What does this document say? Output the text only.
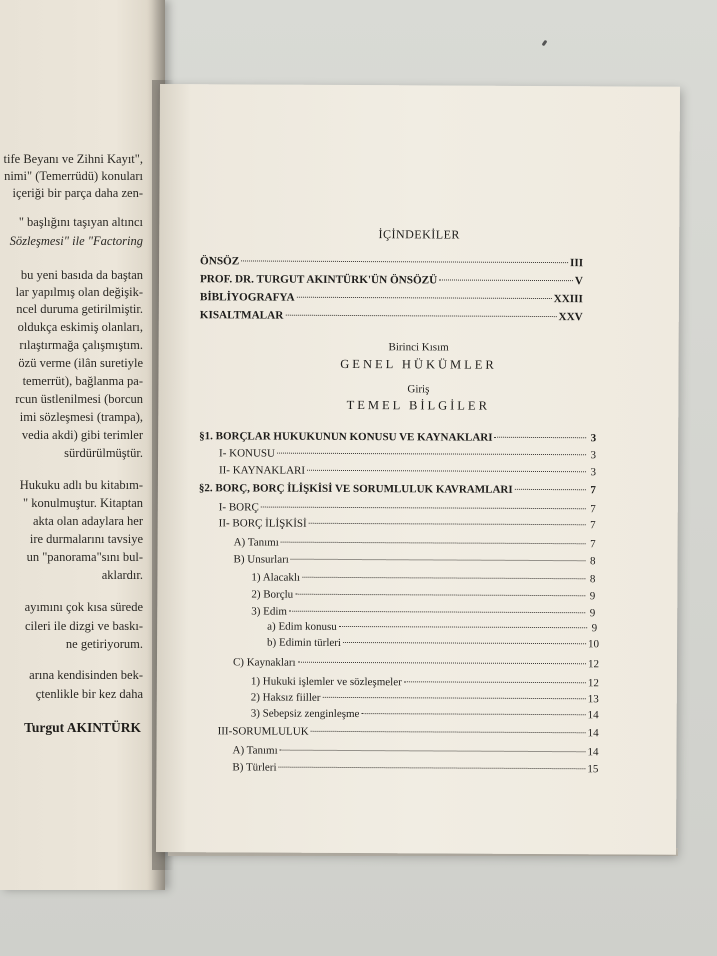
tife Beyanı ve Zihni Kayıt",
nimi" (Temerrüdü) konuları
içeriği bir parça daha zen-
" başlığını taşıyan altıncı
Sözleşmesi" ile "Factoring
bu yeni basıda da baştan
lar yapılmış olan değişik-
ncel duruma getirilmiştir.
oldukça eskimiş olanları,
rılaştırmağa çalışmıştım.
özü verme (ilân suretiyle
temerrüt), bağlanma pa-
rcun üstlenilmesi (borcun
imi sözleşmesi (trampa),
vedia akdi) gibi terimler
sürdürülmüştür.
Hukuku adlı bu kitabım-
" konulmuştur. Kitaptan
akta olan adaylara her
ire durmalarını tavsiye
un "panorama"sını bul-
aklardır.
ayımını çok kısa sürede
cileri ile dizgi ve baskı-
ne getiriyorum.
arına kendisinden bek-
çtenlikle bir kez daha
Turgut AKINTÜRK
İÇİNDEKİLER
ÖNSÖZ	III
PROF. DR. TURGUT AKINTÜRK'ÜN ÖNSÖZÜ	V
BİBLİYOGRAFYA	XXIII
KISALTMALAR	XXV
Birinci Kısım
GENEL HÜKÜMLER
Giriş
TEMEL BİLGİLER
§1. BORÇLAR HUKUKUNUN KONUSU VE KAYNAKLARI	3
I- KONUSU	3
II- KAYNAKLARI	3
§2. BORÇ, BORÇ İLİŞKİSİ VE SORUMLULUK KAVRAMLARI	7
I- BORÇ	7
II- BORÇ İLİŞKİSİ	7
A) Tanımı	7
B) Unsurları	8
1) Alacaklı	8
2) Borçlu	9
3) Edim	9
a) Edim konusu	9
b) Edimin türleri	10
C) Kaynakları	12
1) Hukuki işlemler ve sözleşmeler	12
2) Haksız fiiller	13
3) Sebepsiz zenginleşme	14
III-SORUMLULUK	14
A) Tanımı	14
B) Türleri	15
